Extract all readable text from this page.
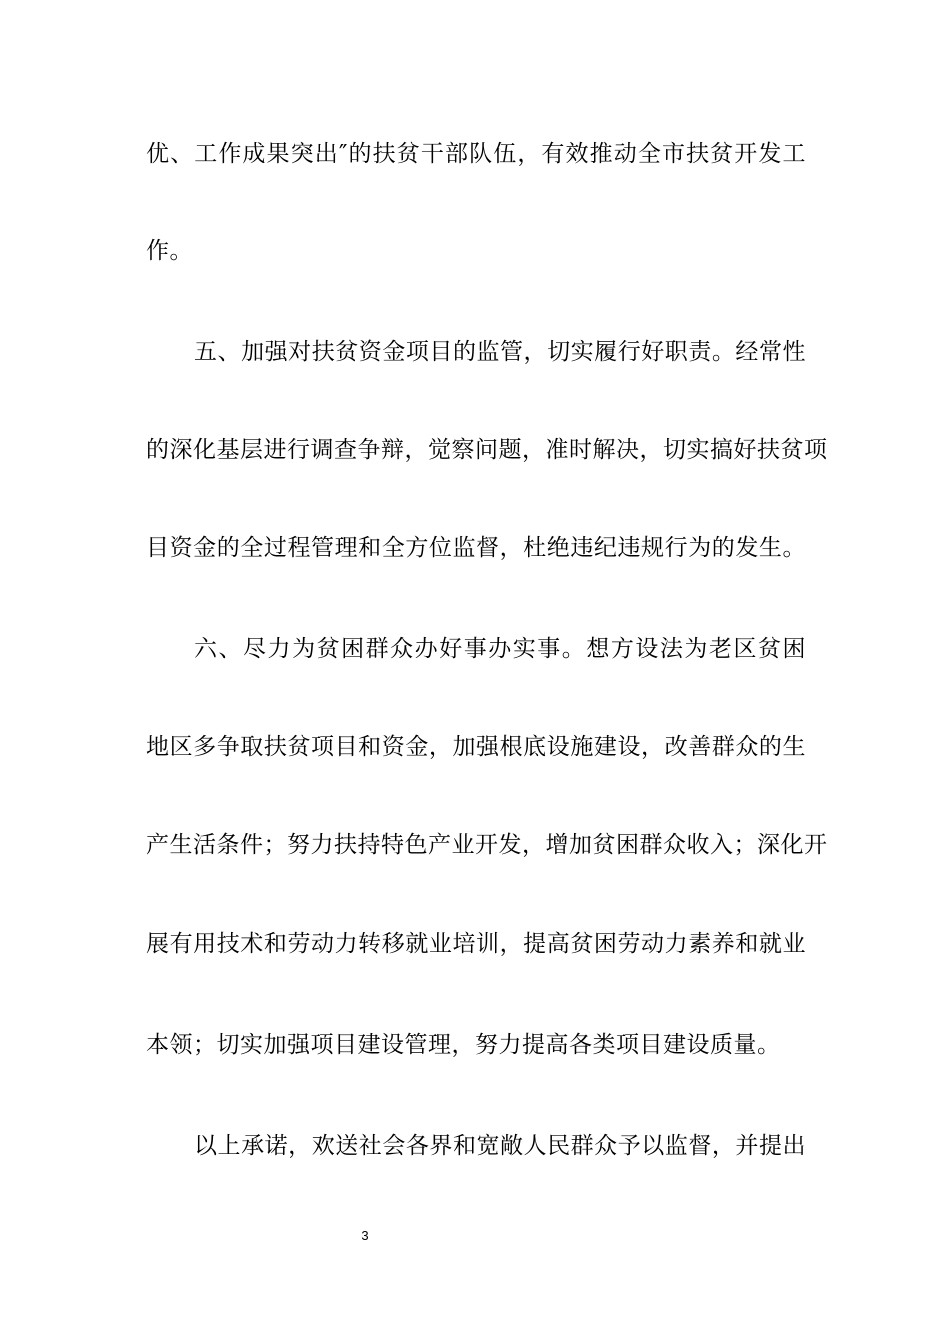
优、工作成果突出″的扶贫干部队伍，有效推动全市扶贫开发工
作。
五、加强对扶贫资金项目的监管，切实履行好职责。经常性
的深化基层进行调查争辩，觉察问题，准时解决，切实搞好扶贫项
目资金的全过程管理和全方位监督，杜绝违纪违规行为的发生。
六、尽力为贫困群众办好事办实事。想方设法为老区贫困
地区多争取扶贫项目和资金，加强根底设施建设，改善群众的生
产生活条件；努力扶持特色产业开发，增加贫困群众收入；深化开
展有用技术和劳动力转移就业培训，提高贫困劳动力素养和就业
本领；切实加强项目建设管理，努力提高各类项目建设质量。
以上承诺，欢送社会各界和宽敞人民群众予以监督，并提出
3
